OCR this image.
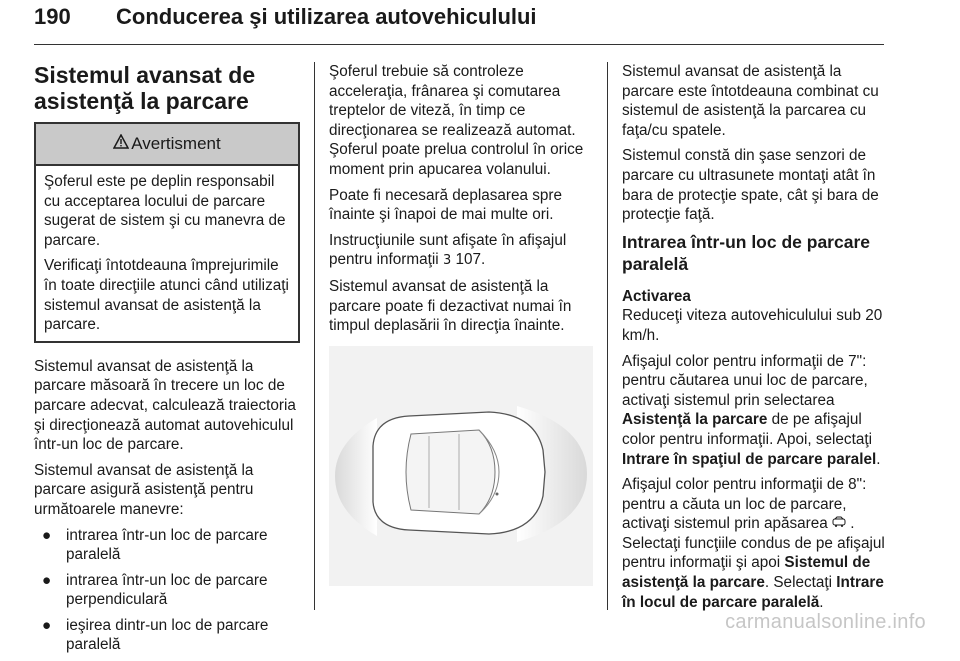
190 Conducerea şi utilizarea autovehiculului
Sistemul avansat de
asistenţă la parcare
Avertisment

Şoferul este pe deplin responsabil cu acceptarea locului de parcare sugerat de sistem şi cu manevra de parcare.

Verificaţi întotdeauna împrejurimile în toate direcţiile atunci când utilizaţi sistemul avansat de asistenţă la parcare.

Sistemul avansat de asistenţă la parcare măsoară în trecere un loc de parcare adecvat, calculează traiectoria şi direcţionează automat autovehiculul într-un loc de parcare.

Sistemul avansat de asistenţă la parcare asigură asistenţă pentru următoarele manevre:

● intrarea într-un loc de parcare paralelă
● intrarea într-un loc de parcare perpendiculară
● ieşirea dintr-un loc de parcare paralelă

Şoferul trebuie să controleze acceleraţia, frânarea şi comutarea treptelor de viteză, în timp ce direcţionarea se realizează automat. Şoferul poate prelua controlul în orice moment prin apucarea volanului.

Poate fi necesară deplasarea spre înainte şi înapoi de mai multe ori.

Instrucţiunile sunt afişate în afişajul pentru informaţii 3 107.

Sistemul avansat de asistenţă la parcare poate fi dezactivat numai în timpul deplasării în direcţia înainte.

Sistemul avansat de asistenţă la parcare este întotdeauna combinat cu sistemul de asistenţă la parcarea cu faţa/cu spatele.

Sistemul constă din şase senzori de parcare cu ultrasunete montaţi atât în bara de protecţie spate, cât şi bara de protecţie faţă.

Intrarea într-un loc de parcare paralelă
Activarea

Reduceţi viteza autovehiculului sub 20 km/h.

Afişajul color pentru informaţii de 7": pentru căutarea unui loc de parcare, activaţi sistemul prin selectarea Asistenţă la parcare de pe afişajul color pentru informaţii. Apoi, selectaţi Intrare în spaţiul de parcare paralel.

Afişajul color pentru informaţii de 8": pentru a căuta un loc de parcare, activaţi sistemul prin apăsarea . Selectaţi funcţiile condus de pe afişajul pentru informaţii şi apoi Sistemul de asistenţă la parcare. Selectaţi Intrare în locul de parcare paralelă.

carmanualsonline.info
